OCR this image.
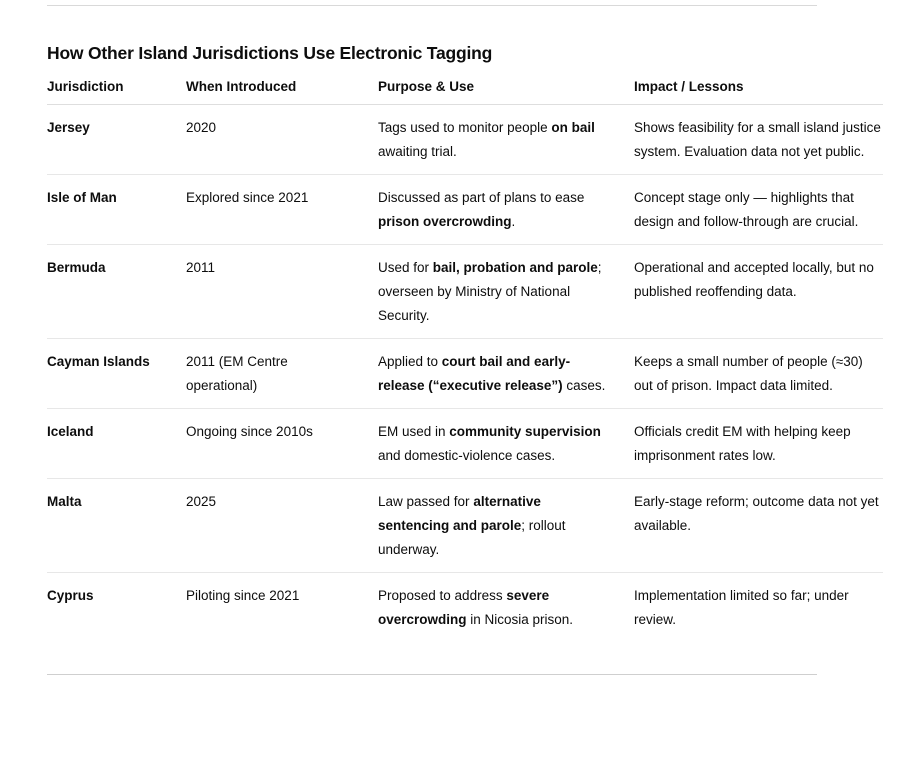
How Other Island Jurisdictions Use Electronic Tagging
Jurisdiction	When Introduced	Purpose & Use	Impact / Lessons
Jersey	2020	Tags used to monitor people on bail awaiting trial.	Shows feasibility for a small island justice system. Evaluation data not yet public.
Isle of Man	Explored since 2021	Discussed as part of plans to ease prison overcrowding.	Concept stage only — highlights that design and follow-through are crucial.
Bermuda	2011	Used for bail, probation and parole; overseen by Ministry of National Security.	Operational and accepted locally, but no published reoffending data.
Cayman Islands	2011 (EM Centre operational)	Applied to court bail and early-release (“executive release”) cases.	Keeps a small number of people (≈30) out of prison. Impact data limited.
Iceland	Ongoing since 2010s	EM used in community supervision and domestic-violence cases.	Officials credit EM with helping keep imprisonment rates low.
Malta	2025	Law passed for alternative sentencing and parole; rollout underway.	Early-stage reform; outcome data not yet available.
Cyprus	Piloting since 2021	Proposed to address severe overcrowding in Nicosia prison.	Implementation limited so far; under review.
